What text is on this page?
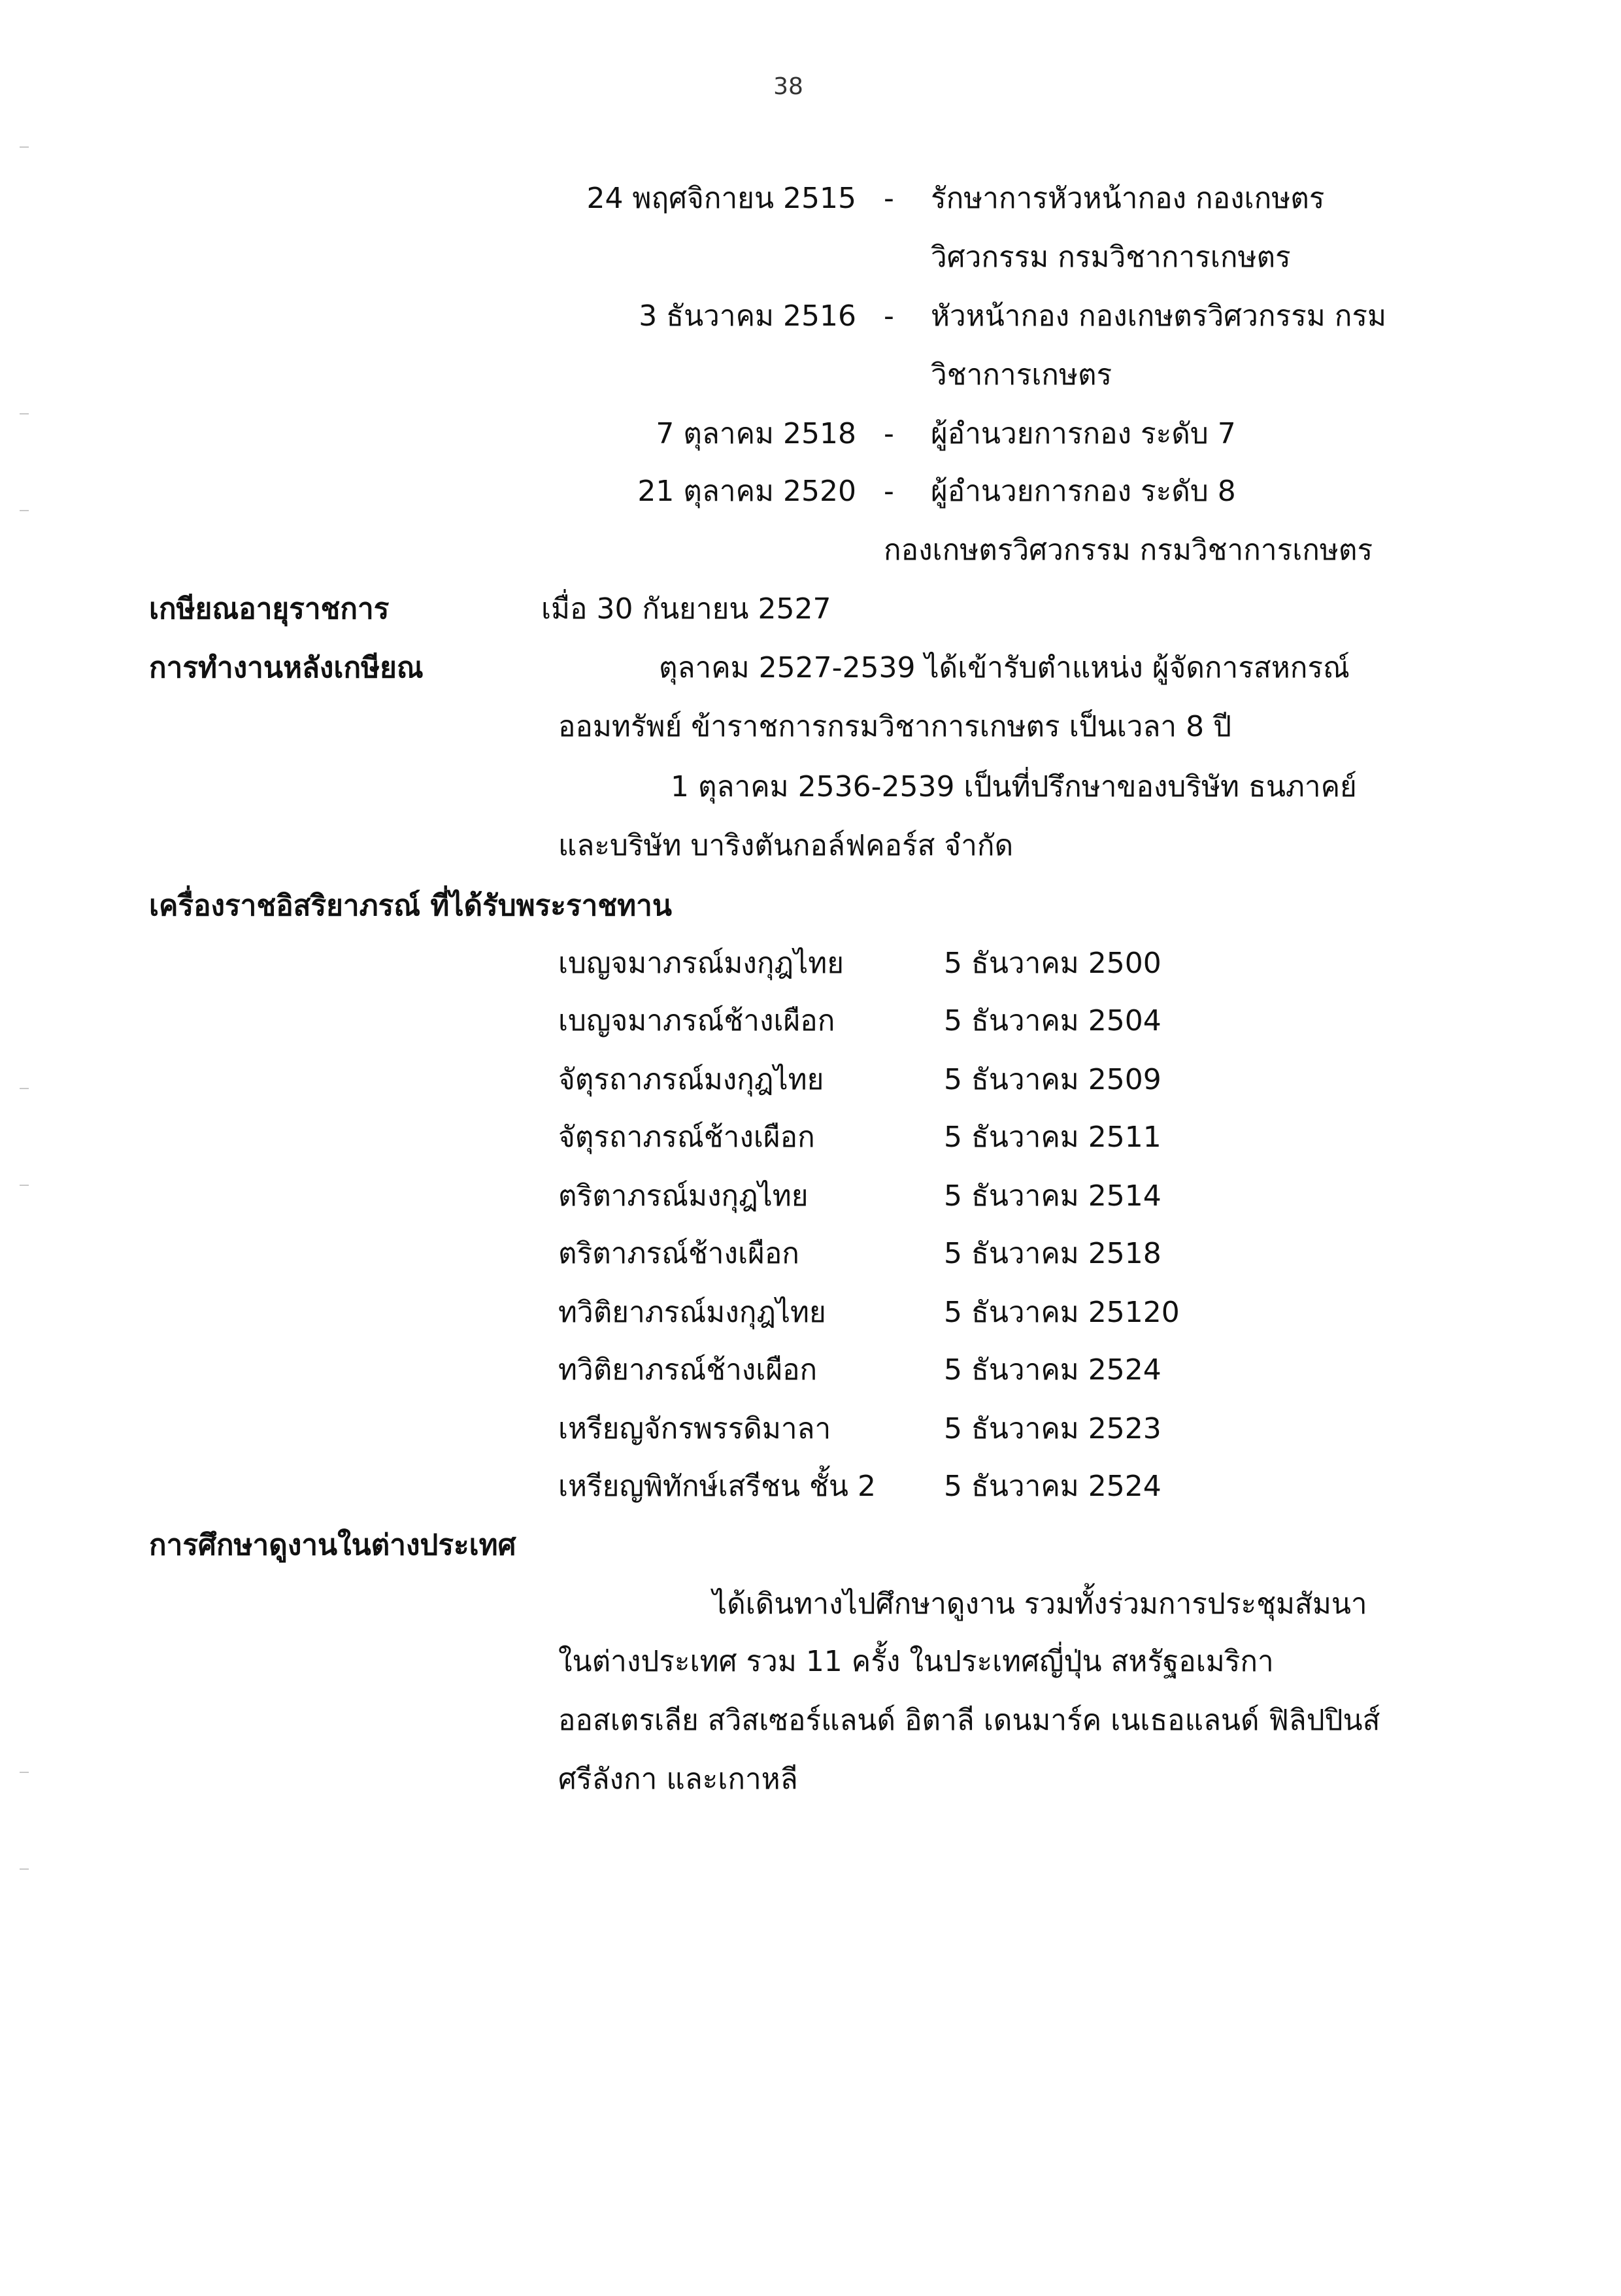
38
24 พฤศจิกายน 2515 - รักษาการหัวหน้ากอง กองเกษตร
วิศวกรรม กรมวิชาการเกษตร
3 ธันวาคม 2516 - หัวหน้ากอง กองเกษตรวิศวกรรม กรม
วิชาการเกษตร
7 ตุลาคม 2518 - ผู้อำนวยการกอง ระดับ 7
21 ตุลาคม 2520 - ผู้อำนวยการกอง ระดับ 8
กองเกษตรวิศวกรรม กรมวิชาการเกษตร
เกษียณอายุราชการ	เมื่อ 30 กันยายน 2527
การทำงานหลังเกษียณ	ตุลาคม 2527-2539 ได้เข้ารับตำแหน่ง ผู้จัดการสหกรณ์
ออมทรัพย์ ข้าราชการกรมวิชาการเกษตร เป็นเวลา 8 ปี
1 ตุลาคม 2536-2539 เป็นที่ปรึกษาของบริษัท ธนภาคย์
และบริษัท บาริงตันกอล์ฟคอร์ส จำกัด
เครื่องราชอิสริยาภรณ์ ที่ได้รับพระราชทาน
เบญจมาภรณ์มงกุฎไทย	5 ธันวาคม 2500
เบญจมาภรณ์ช้างเผือก	5 ธันวาคม 2504
จัตุรถาภรณ์มงกุฎไทย	5 ธันวาคม 2509
จัตุรถาภรณ์ช้างเผือก	5 ธันวาคม 2511
ตริตาภรณ์มงกุฎไทย	5 ธันวาคม 2514
ตริตาภรณ์ช้างเผือก	5 ธันวาคม 2518
ทวิติยาภรณ์มงกุฎไทย	5 ธันวาคม 25120
ทวิติยาภรณ์ช้างเผือก	5 ธันวาคม 2524
เหรียญจักรพรรดิมาลา	5 ธันวาคม 2523
เหรียญพิทักษ์เสรีชน ชั้น 2 5 ธันวาคม 2524
การศึกษาดูงานในต่างประเทศ
ได้เดินทางไปศึกษาดูงาน รวมทั้งร่วมการประชุมสัมนา
ในต่างประเทศ รวม 11 ครั้ง ในประเทศญี่ปุ่น สหรัฐอเมริกา
ออสเตรเลีย สวิสเซอร์แลนด์ อิตาลี เดนมาร์ค เนเธอแลนด์ ฟิลิปปินส์
ศรีลังกา และเกาหลี
